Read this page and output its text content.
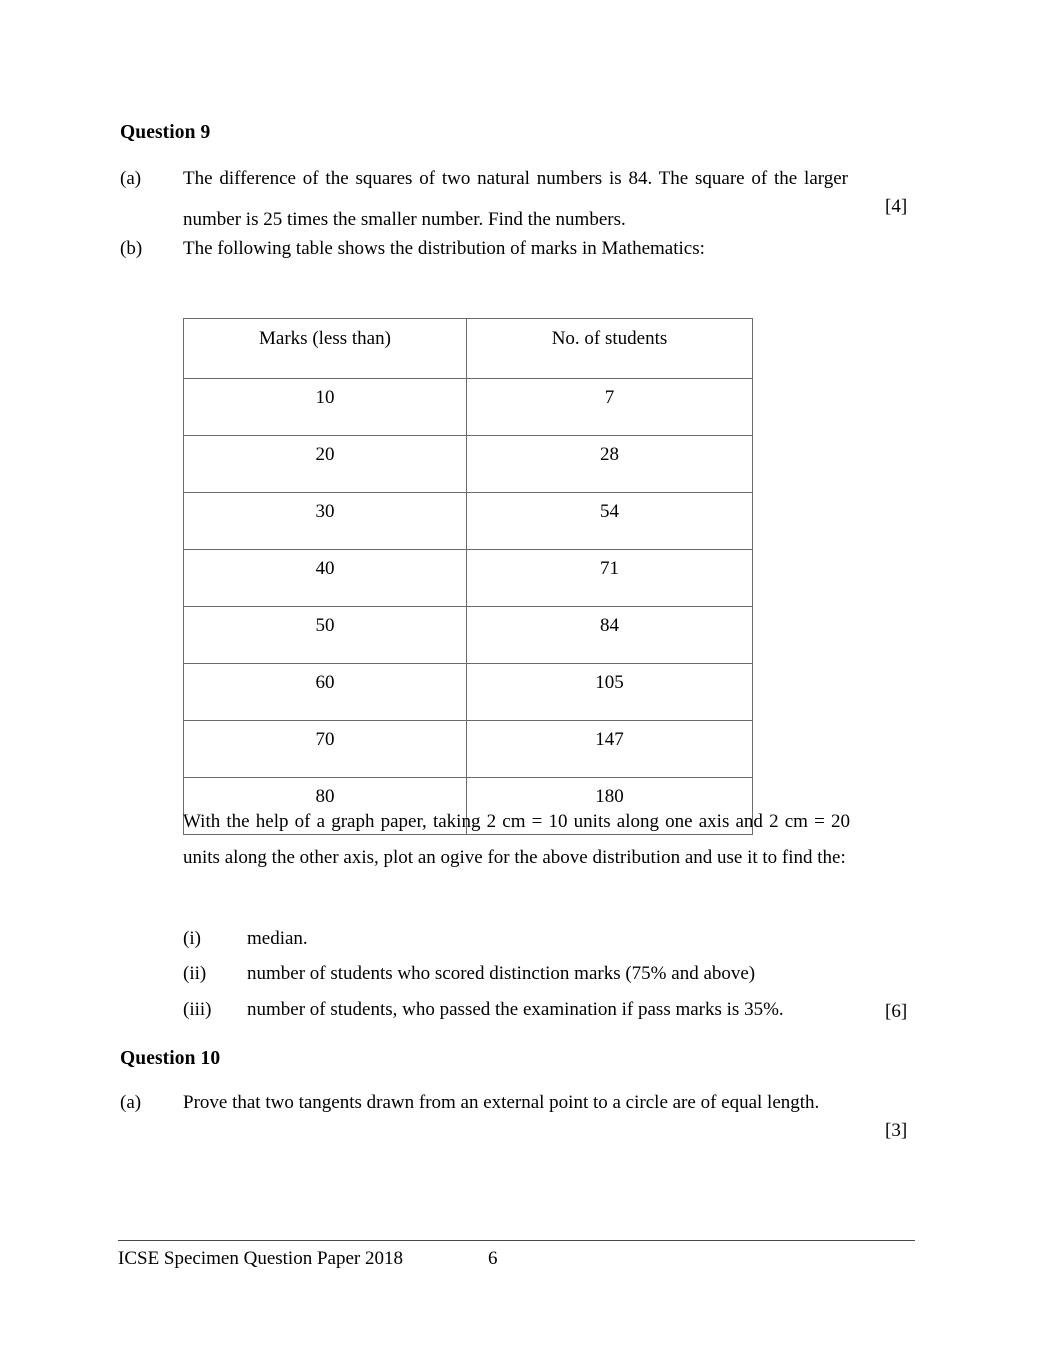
Question 9
(a) The difference of the squares of two natural numbers is 84. The square of the larger number is 25 times the smaller number. Find the numbers.
[4]
(b) The following table shows the distribution of marks in Mathematics:
Marks (less than)	No. of students
10	7
20	28
30	54
40	71
50	84
60	105
70	147
80	180
With the help of a graph paper, taking 2 cm = 10 units along one axis and 2 cm = 20 units along the other axis, plot an ogive for the above distribution and use it to find the:
(i) median.
(ii) number of students who scored distinction marks (75% and above)
(iii) number of students, who passed the examination if pass marks is 35%.	[6]
Question 10
(a) Prove that two tangents drawn from an external point to a circle are of equal length.
[3]
ICSE Specimen Question Paper 2018	6
